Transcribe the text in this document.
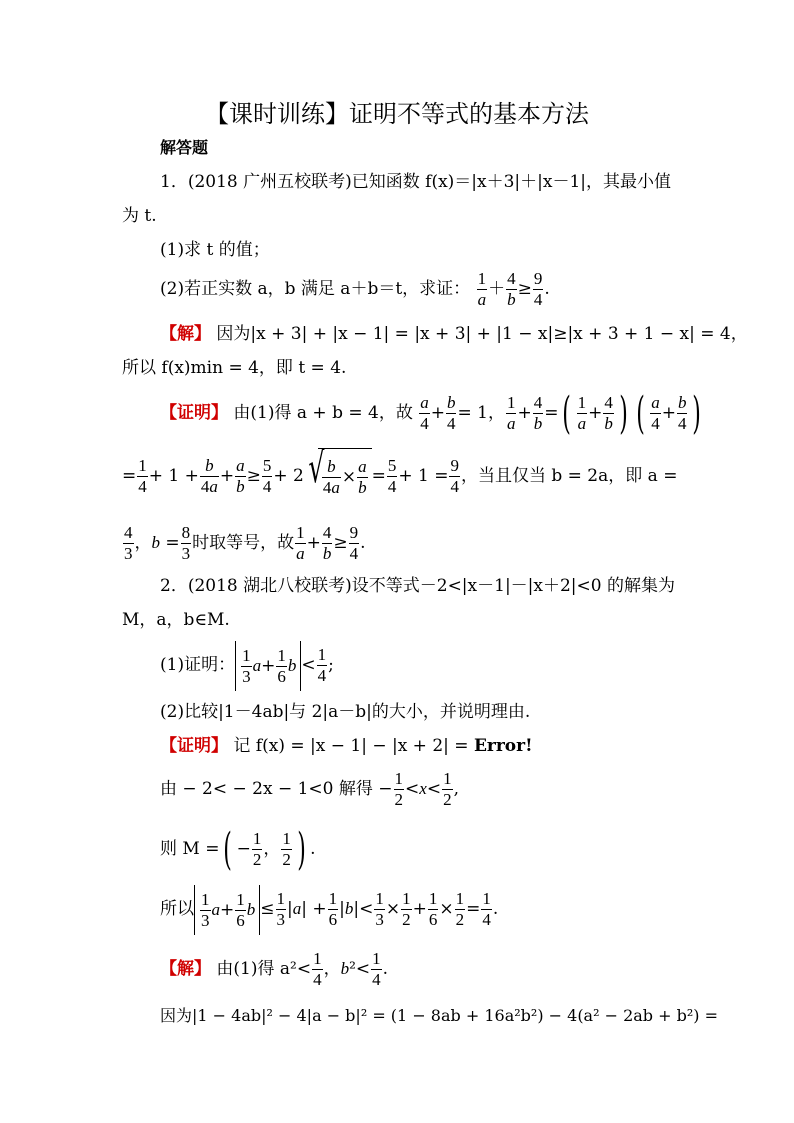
【课时训练】证明不等式的基本方法
解答题
1．(2018 广州五校联考)已知函数 f(x)＝|x＋3|＋|x－1|，其最小值
为 t.
(1)求 t 的值；
(2)若正实数 a，b 满足 a＋b＝t，求证： $\frac{1}{a} + \frac{4}{b} \ge \frac{9}{4}$ .
【解】 因为|x + 3| + |x − 1| = |x + 3| + |1 − x|≥|x + 3 + 1 − x| = 4，
所以 f(x)min = 4，即 t = 4.
【证明】 由(1)得 a + b = 4，故 $\frac{a}{4} + \frac{b}{4} = 1$， $\frac{1}{a} + \frac{4}{b}$ =( $\frac{1}{a} + \frac{4}{b}$ ) ( $\frac{a}{4} + \frac{b}{4}$ )
= $\frac{1}{4} + 1 + \frac{b}{4a} + \frac{a}{b} \ge \frac{5}{4} + 2$
√ $\frac{b}{4a} \times \frac{a}{b} = \frac{5}{4} + 1 = \frac{9}{4}$ ，当且仅当 b = 2a，即 a =
$\frac{4}{3}$ ，$b = \frac{8}{3}$ 时取等号，故 $\frac{1}{a} + \frac{4}{b} \ge \frac{9}{4}$ .
2．(2018 湖北八校联考)设不等式－2<|x－1|－|x＋2|<0 的解集为
M，a，b∈M.
(1)证明： $\frac{1}{3} a+ \frac{1}{6}$ $b < \frac{1}{4}$ ;
(2)比较|1－4ab|与 2|a－b|的大小，并说明理由.
【证明】 记 f(x) = |x − 1| − |x + 2| = Error!
由 − 2< − 2x − 1<0 解得 − $\frac{1}{2} <x< \frac{1}{2}$ ,
则 M =( − $\frac{1}{2}$ ， $\frac{1}{2}$ ) .
所以 $\frac{1}{3} a+ \frac{1}{6}$ $b \le \frac{1}{3} |a| + \frac{1}{6} |b|< \frac{1}{3} \times \frac{1}{2} + \frac{1}{6} \times \frac{1}{2} = \frac{1}{4}$ .
【解】 由(1)得 $a^2< \frac{1}{4}$ ，$b^2< \frac{1}{4}$ .
因为|1 − 4ab|² − 4|a − b|² = (1 − 8ab + 16a²b²) − 4(a² − 2ab + b²) =
